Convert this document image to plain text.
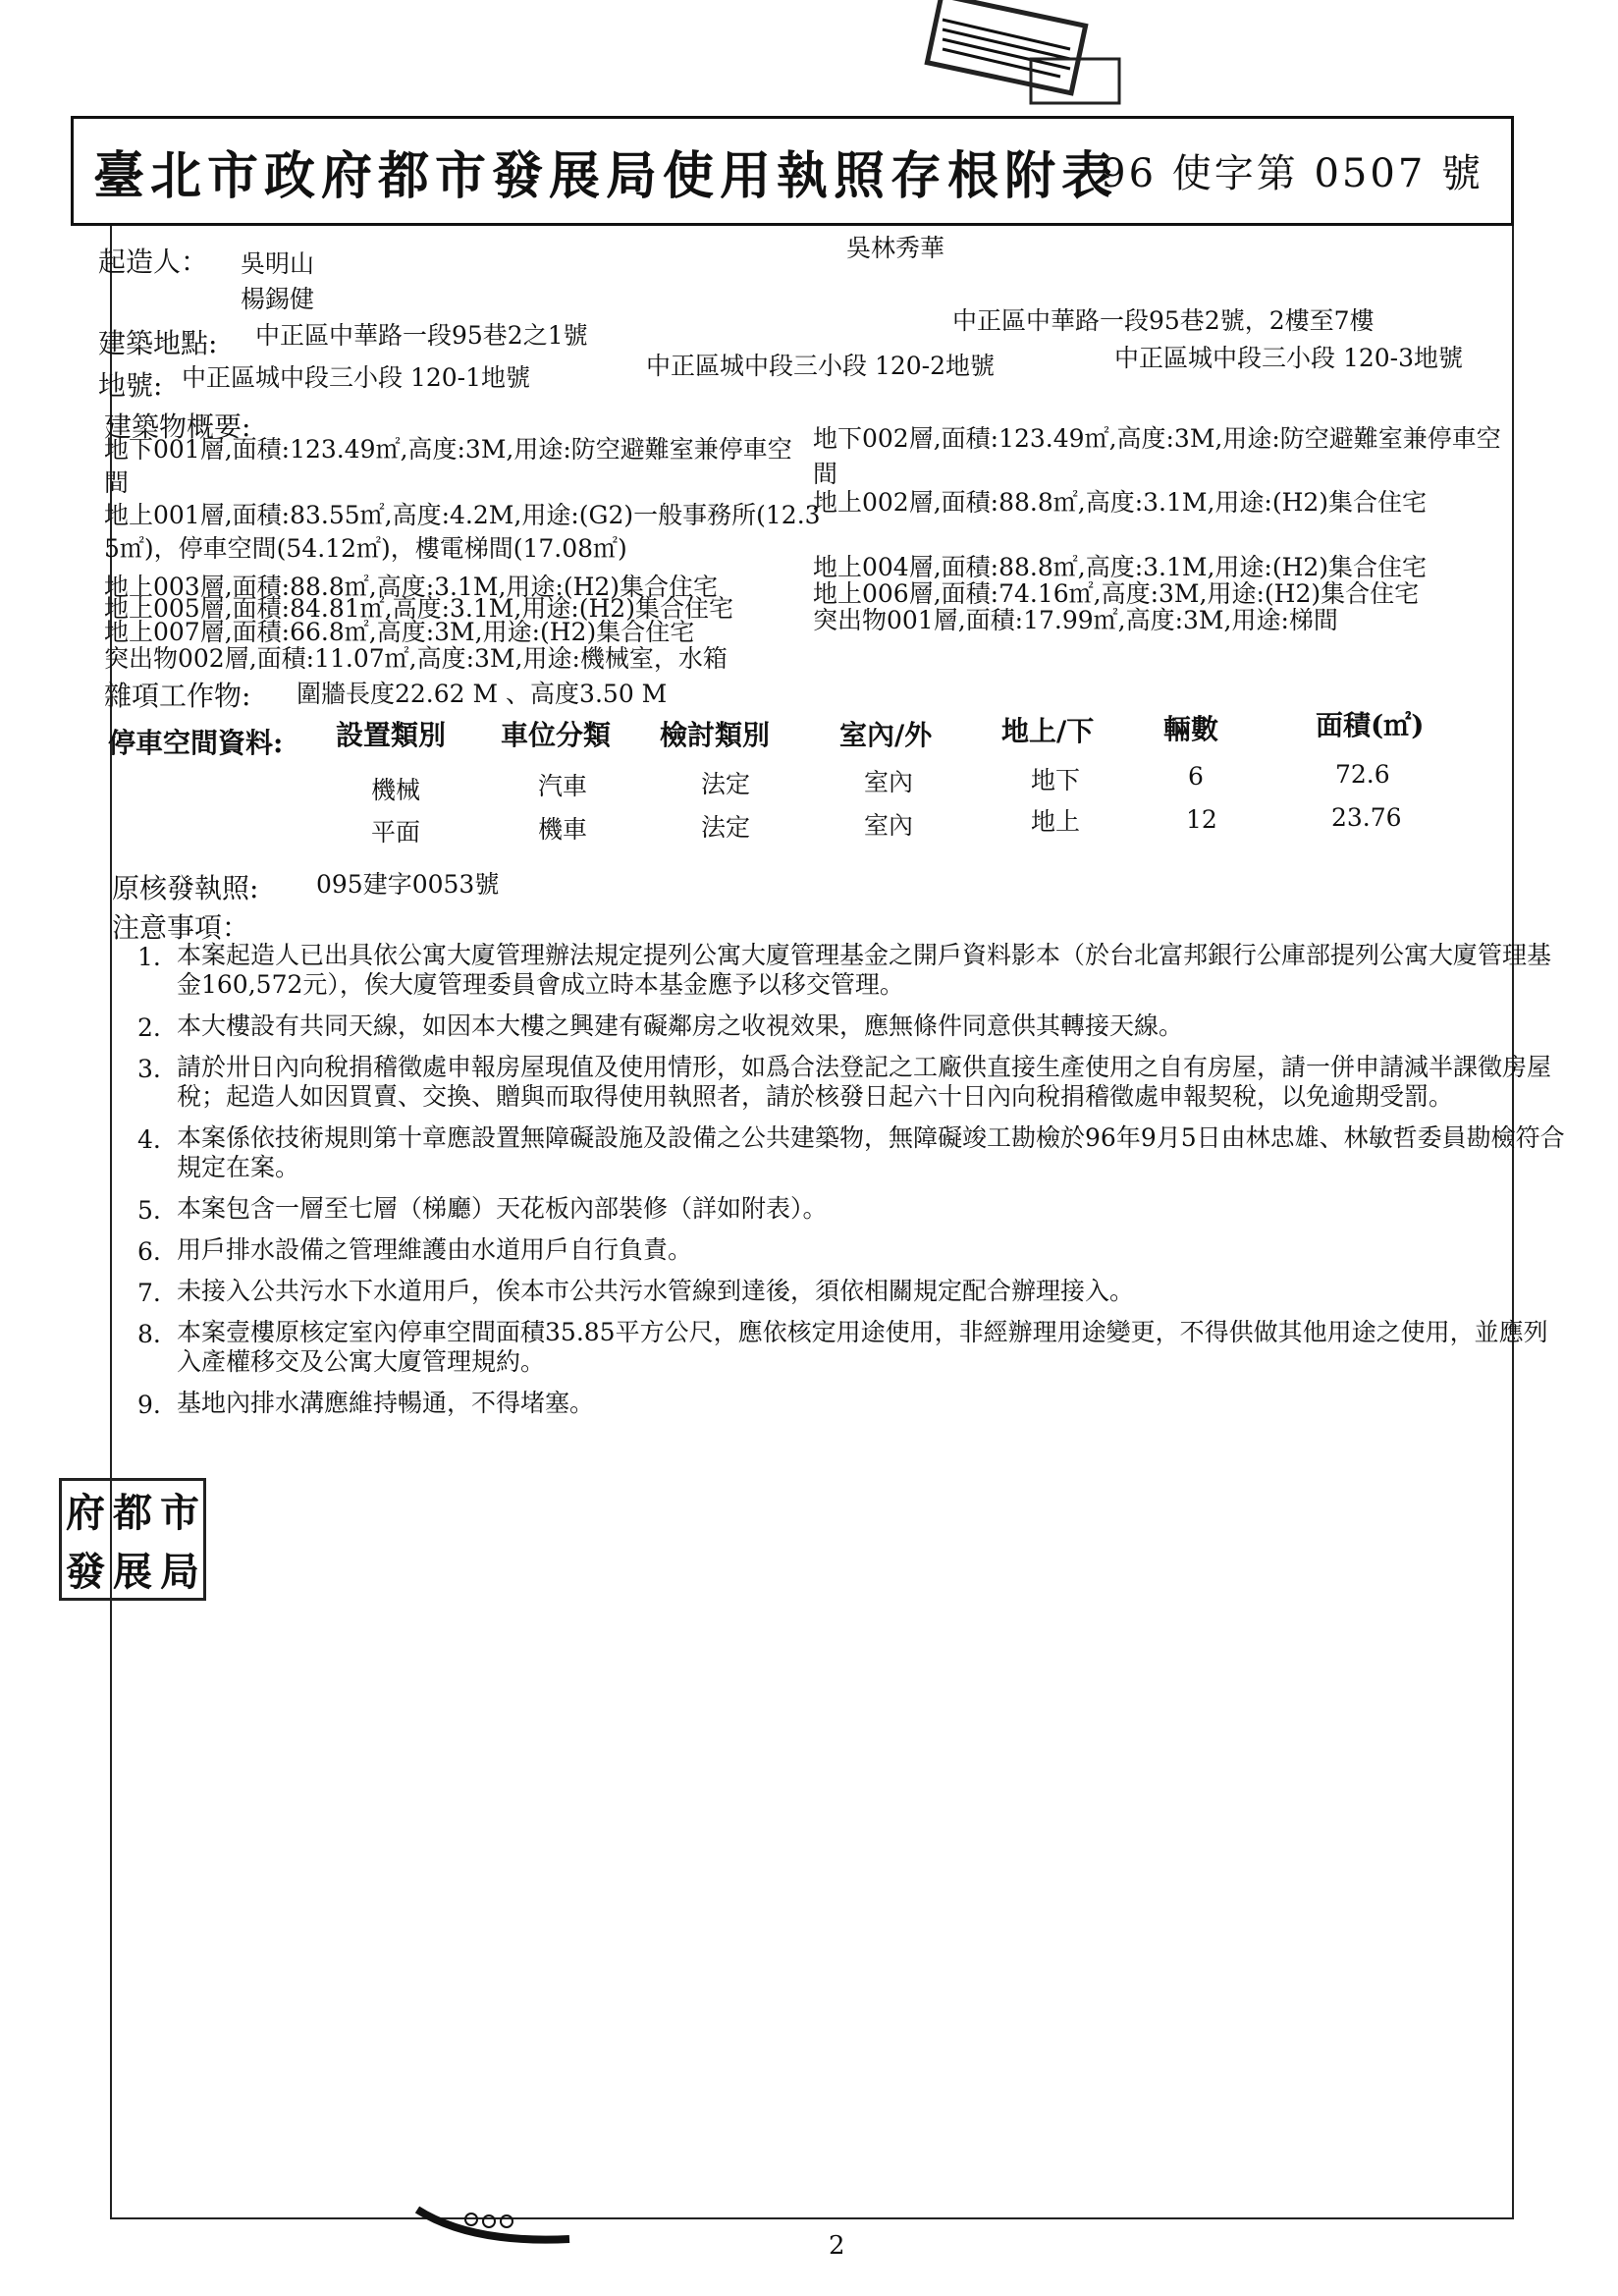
臺北市政府都市發展局使用執照存根附表
96 使字第 0507 號
起造人： 吳明山
楊錫健
吳林秀華
建築地點: 中正區中華路一段95巷2之1號
中正區中華路一段95巷2號，2樓至7樓
地號: 中正區城中段三小段 120-1地號	中正區城中段三小段 120-2地號	中正區城中段三小段 120-3地號
建築物概要:
地下001層,面積:123.49㎡,高度:3M,用途:防空避難室兼停車空
間
地下002層,面積:123.49㎡,高度:3M,用途:防空避難室兼停車空
間
地上001層,面積:83.55㎡,高度:4.2M,用途:(G2)一般事務所(12.3
5㎡)，停車空間(54.12㎡)，樓電梯間(17.08㎡)
地上002層,面積:88.8㎡,高度:3.1M,用途:(H2)集合住宅
地上003層,面積:88.8㎡,高度:3.1M,用途:(H2)集合住宅
地上004層,面積:88.8㎡,高度:3.1M,用途:(H2)集合住宅
地上005層,面積:84.81㎡,高度:3.1M,用途:(H2)集合住宅
地上006層,面積:74.16㎡,高度:3M,用途:(H2)集合住宅
地上007層,面積:66.8㎡,高度:3M,用途:(H2)集合住宅	突出物001層,面積:17.99㎡,高度:3M,用途:梯間
突出物002層,面積:11.07㎡,高度:3M,用途:機械室，水箱
雜項工作物: 圍牆長度22.62 M 、高度3.50 M
停車空間資料: 設置類別 車位分類 檢討類別	室內/外	地上/下	輛數	面積(㎡)
機械	汽車	法定	室內	地下	6	72.6
平面	機車	法定	室內	地上	12	23.76
原核發執照: 095建字0053號
注意事項：
1. 本案起造人已出具依公寓大廈管理辦法規定提列公寓大廈管理基金之開戶資料影本（於台北富邦銀行公庫部提列公寓大廈管理基金160,572元），俟大廈管理委員會成立時本基金應予以移交管理。
2. 本大樓設有共同天線，如因本大樓之興建有礙鄰房之收視效果，應無條件同意供其轉接天線。
3. 請於卅日內向稅捐稽徵處申報房屋現值及使用情形，如爲合法登記之工廠供直接生產使用之自有房屋，請一併申請減半課徵房屋稅；起造人如因買賣、交換、贈與而取得使用執照者，請於核發日起六十日內向稅捐稽徵處申報契稅，以免逾期受罰。
4. 本案係依技術規則第十章應設置無障礙設施及設備之公共建築物，無障礙竣工勘檢於96年9月5日由林忠雄、林敏哲委員勘檢符合規定在案。
5. 本案包含一層至七層（梯廳）天花板內部裝修（詳如附表）。
6. 用戶排水設備之管理維護由水道用戶自行負責。
7. 未接入公共污水下水道用戶，俟本市公共污水管線到達後，須依相關規定配合辦理接入。
8. 本案壹樓原核定室內停車空間面積35.85平方公尺，應依核定用途使用，非經辦理用途變更，不得供做其他用途之使用，並應列入產權移交及公寓大廈管理規約。
9. 基地內排水溝應維持暢通，不得堵塞。
府 都 市
發 展 局
2
